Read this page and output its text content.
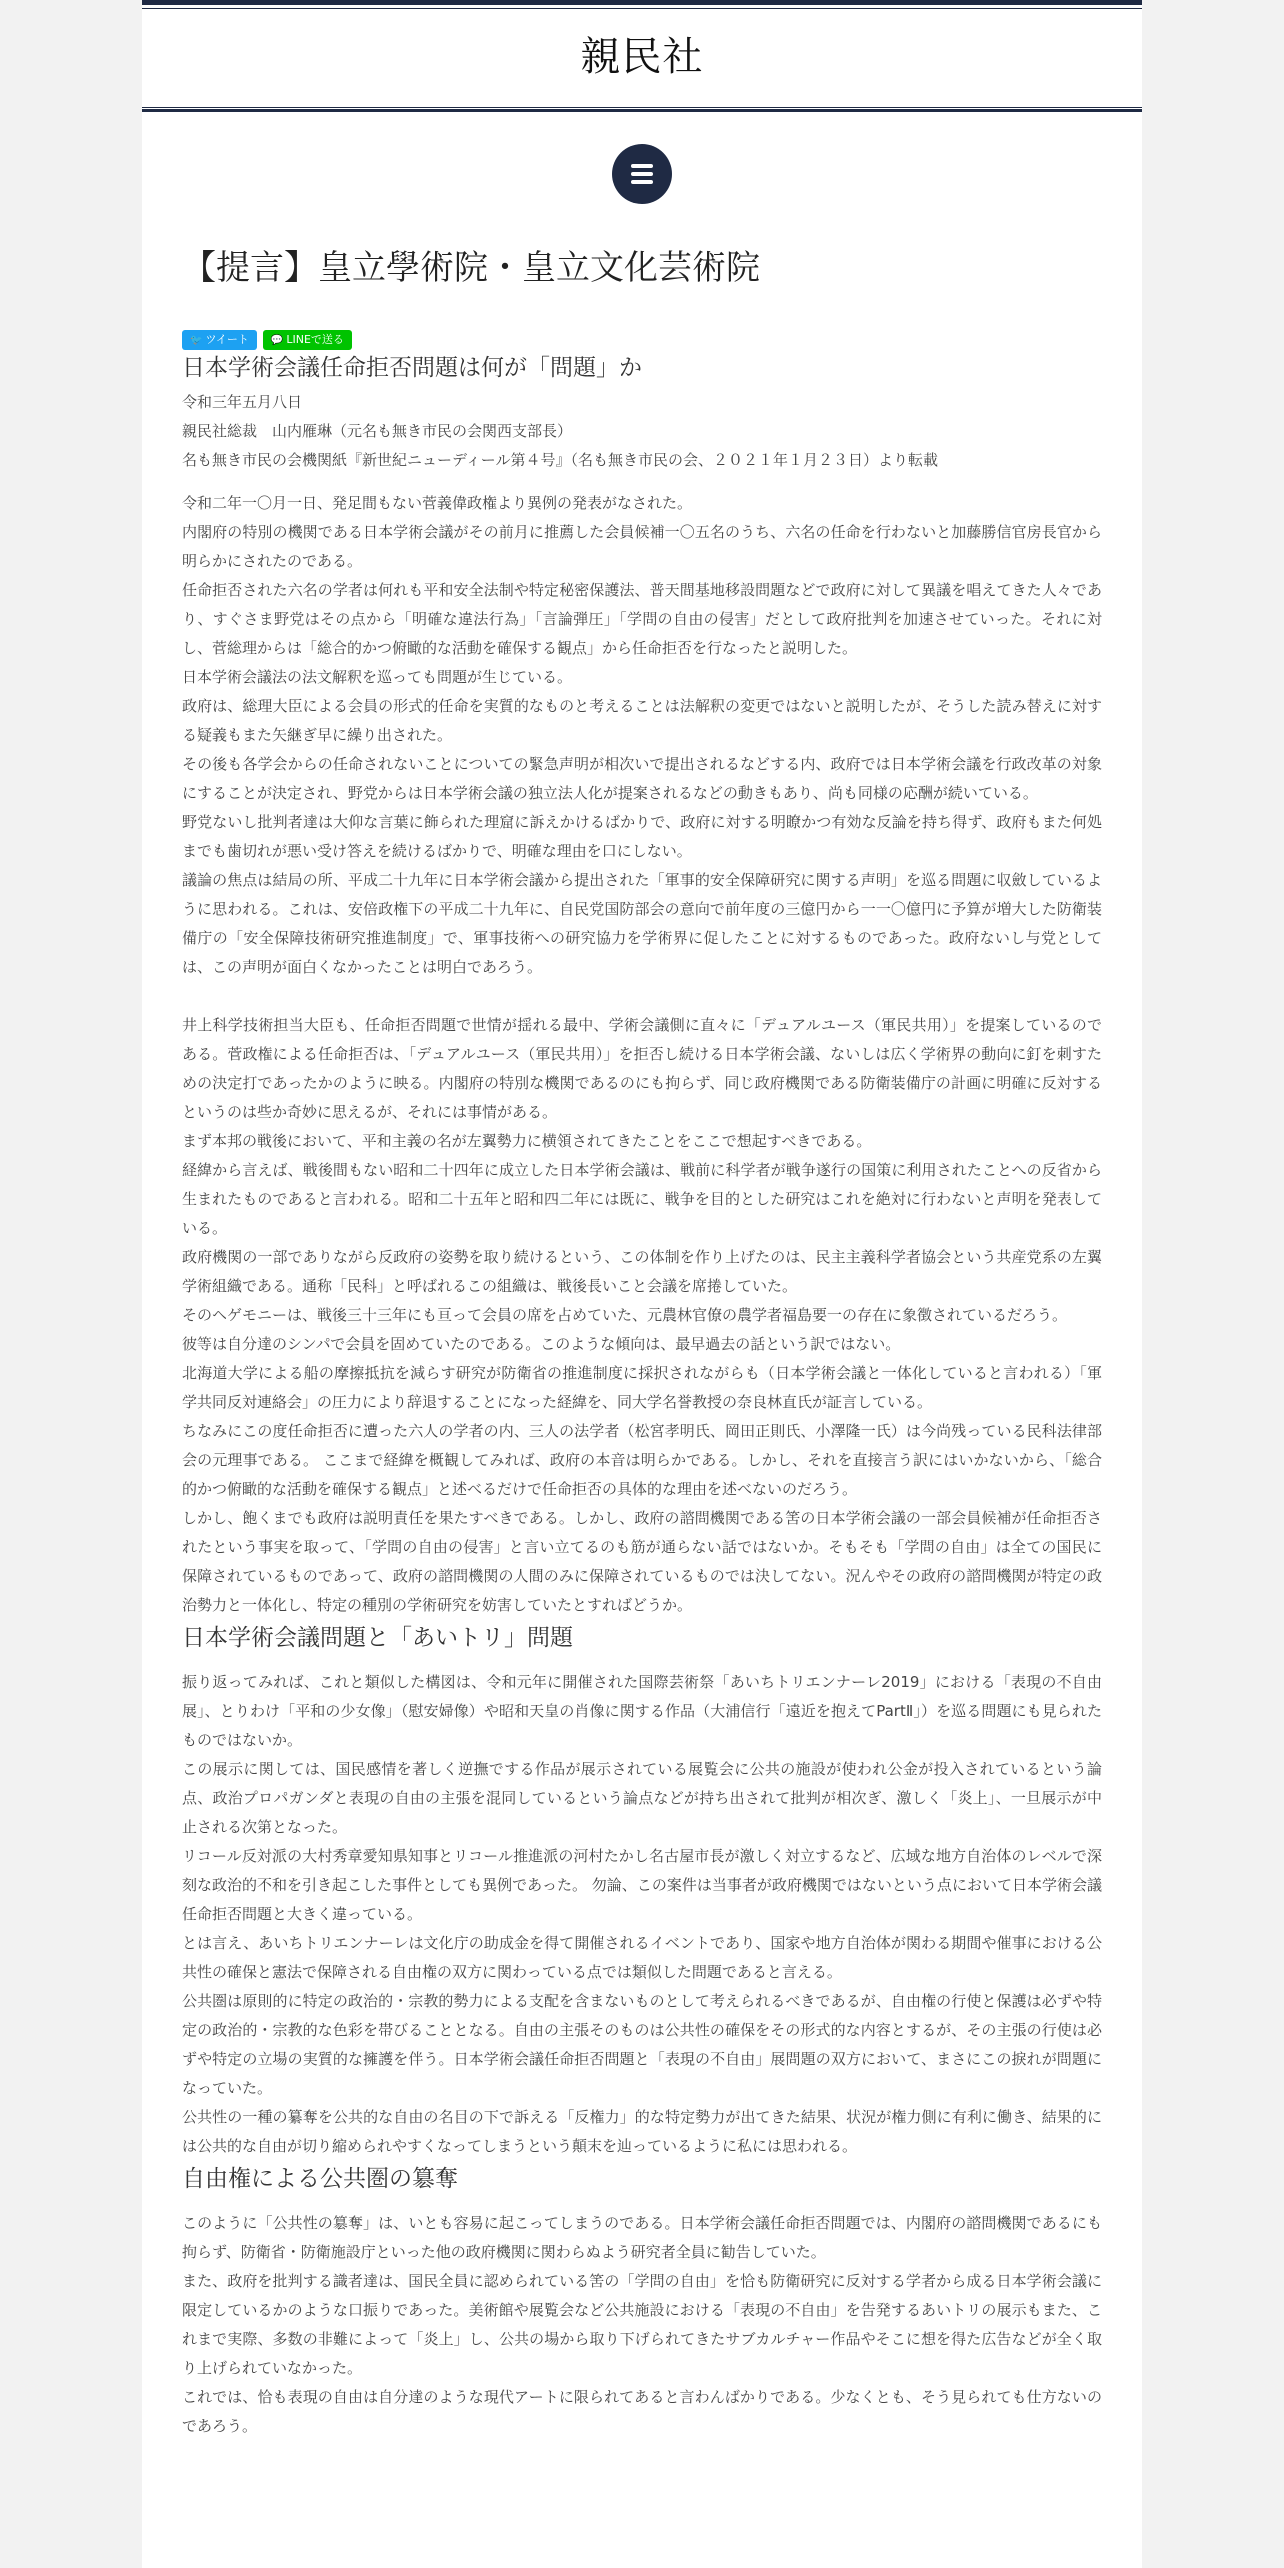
親民社
【提言】皇立學術院・皇立文化芸術院
🐦 ツイート 💬 LINEで送る
日本学術会議任命拒否問題は何が「問題」か

令和三年五月八日

親民社総裁　山内雁琳（元名も無き市民の会関西支部長）

名も無き市民の会機関紙『新世紀ニューディール第４号』（名も無き市民の会、２０２１年１月２３日）より転載

令和二年一〇月一日、発足間もない菅義偉政権より異例の発表がなされた。

内閣府の特別の機関である日本学術会議がその前月に推薦した会員候補一〇五名のうち、六名の任命を行わないと加藤勝信官房長官から明らかにされたのである。

任命拒否された六名の学者は何れも平和安全法制や特定秘密保護法、普天間基地移設問題などで政府に対して異議を唱えてきた人々であり、すぐさま野党はその点から「明確な違法行為」「言論弾圧」「学問の自由の侵害」だとして政府批判を加速させていった。それに対し、菅総理からは「総合的かつ俯瞰的な活動を確保する観点」から任命拒否を行なったと説明した。

日本学術会議法の法文解釈を巡っても問題が生じている。

政府は、総理大臣による会員の形式的任命を実質的なものと考えることは法解釈の変更ではないと説明したが、そうした読み替えに対する疑義もまた矢継ぎ早に繰り出された。

その後も各学会からの任命されないことについての緊急声明が相次いで提出されるなどする内、政府では日本学術会議を行政改革の対象にすることが決定され、野党からは日本学術会議の独立法人化が提案されるなどの動きもあり、尚も同様の応酬が続いている。

野党ないし批判者達は大仰な言葉に飾られた理窟に訴えかけるばかりで、政府に対する明瞭かつ有効な反論を持ち得ず、政府もまた何処までも歯切れが悪い受け答えを続けるばかりで、明確な理由を口にしない。

議論の焦点は結局の所、平成二十九年に日本学術会議から提出された「軍事的安全保障研究に関する声明」を巡る問題に収斂しているように思われる。これは、安倍政権下の平成二十九年に、自民党国防部会の意向で前年度の三億円から一一〇億円に予算が増大した防衛装備庁の「安全保障技術研究推進制度」で、軍事技術への研究協力を学術界に促したことに対するものであった。政府ないし与党としては、この声明が面白くなかったことは明白であろう。

井上科学技術担当大臣も、任命拒否問題で世情が揺れる最中、学術会議側に直々に「デュアルユース（軍民共用）」を提案しているのである。菅政権による任命拒否は、「デュアルユース（軍民共用）」を拒否し続ける日本学術会議、ないしは広く学術界の動向に釘を刺すための決定打であったかのように映る。内閣府の特別な機関であるのにも拘らず、同じ政府機関である防衛装備庁の計画に明確に反対するというのは些か奇妙に思えるが、それには事情がある。

まず本邦の戦後において、平和主義の名が左翼勢力に横領されてきたことをここで想起すべきである。

経緯から言えば、戦後間もない昭和二十四年に成立した日本学術会議は、戦前に科学者が戦争遂行の国策に利用されたことへの反省から生まれたものであると言われる。昭和二十五年と昭和四二年には既に、戦争を目的とした研究はこれを絶対に行わないと声明を発表している。

政府機関の一部でありながら反政府の姿勢を取り続けるという、この体制を作り上げたのは、民主主義科学者協会という共産党系の左翼学術組織である。通称「民科」と呼ばれるこの組織は、戦後長いこと会議を席捲していた。

そのヘゲモニーは、戦後三十三年にも亘って会員の席を占めていた、元農林官僚の農学者福島要一の存在に象徴されているだろう。

彼等は自分達のシンパで会員を固めていたのである。このような傾向は、最早過去の話という訳ではない。

北海道大学による船の摩擦抵抗を減らす研究が防衛省の推進制度に採択されながらも（日本学術会議と一体化していると言われる）「軍学共同反対連絡会」の圧力により辞退することになった経緯を、同大学名誉教授の奈良林直氏が証言している。

ちなみにこの度任命拒否に遭った六人の学者の内、三人の法学者（松宮孝明氏、岡田正則氏、小澤隆一氏）は今尚残っている民科法律部会の元理事である。 ここまで経緯を概観してみれば、政府の本音は明らかである。しかし、それを直接言う訳にはいかないから、「総合的かつ俯瞰的な活動を確保する観点」と述べるだけで任命拒否の具体的な理由を述べないのだろう。

しかし、飽くまでも政府は説明責任を果たすべきである。しかし、政府の諮問機関である筈の日本学術会議の一部会員候補が任命拒否されたという事実を取って、「学問の自由の侵害」と言い立てるのも筋が通らない話ではないか。そもそも「学問の自由」は全ての国民に保障されているものであって、政府の諮問機関の人間のみに保障されているものでは決してない。況んやその政府の諮問機関が特定の政治勢力と一体化し、特定の種別の学術研究を妨害していたとすればどうか。

日本学術会議問題と「あいトリ」問題

振り返ってみれば、これと類似した構図は、令和元年に開催された国際芸術祭「あいちトリエンナーレ2019」における「表現の不自由展」、とりわけ「平和の少女像」（慰安婦像）や昭和天皇の肖像に関する作品（大浦信行「遠近を抱えてPartⅡ」）を巡る問題にも見られたものではないか。

この展示に関しては、国民感情を著しく逆撫でする作品が展示されている展覧会に公共の施設が使われ公金が投入されているという論点、政治プロパガンダと表現の自由の主張を混同しているという論点などが持ち出されて批判が相次ぎ、激しく「炎上」、一旦展示が中止される次第となった。

リコール反対派の大村秀章愛知県知事とリコール推進派の河村たかし名古屋市長が激しく対立するなど、広域な地方自治体のレベルで深刻な政治的不和を引き起こした事件としても異例であった。 勿論、この案件は当事者が政府機関ではないという点において日本学術会議任命拒否問題と大きく違っている。

とは言え、あいちトリエンナーレは文化庁の助成金を得て開催されるイベントであり、国家や地方自治体が関わる期間や催事における公共性の確保と憲法で保障される自由権の双方に関わっている点では類似した問題であると言える。

公共圏は原則的に特定の政治的・宗教的勢力による支配を含まないものとして考えられるべきであるが、自由権の行使と保護は必ずや特定の政治的・宗教的な色彩を帯びることとなる。自由の主張そのものは公共性の確保をその形式的な内容とするが、その主張の行使は必ずや特定の立場の実質的な擁護を伴う。日本学術会議任命拒否問題と「表現の不自由」展問題の双方において、まさにこの捩れが問題になっていた。

公共性の一種の纂奪を公共的な自由の名目の下で訴える「反権力」的な特定勢力が出てきた結果、状況が権力側に有利に働き、結果的には公共的な自由が切り縮められやすくなってしまうという顛末を辿っているように私には思われる。

自由権による公共圏の簒奪

このように「公共性の簒奪」は、いとも容易に起こってしまうのである。日本学術会議任命拒否問題では、内閣府の諮問機関であるにも拘らず、防衛省・防衛施設庁といった他の政府機関に関わらぬよう研究者全員に勧告していた。

また、政府を批判する識者達は、国民全員に認められている筈の「学問の自由」を恰も防衛研究に反対する学者から成る日本学術会議に限定しているかのような口振りであった。美術館や展覧会など公共施設における「表現の不自由」を告発するあいトリの展示もまた、これまで実際、多数の非難によって「炎上」し、公共の場から取り下げられてきたサブカルチャー作品やそこに想を得た広告などが全く取り上げられていなかった。

これでは、恰も表現の自由は自分達のような現代アートに限られてあると言わんばかりである。少なくとも、そう見られても仕方ないのであろう。
